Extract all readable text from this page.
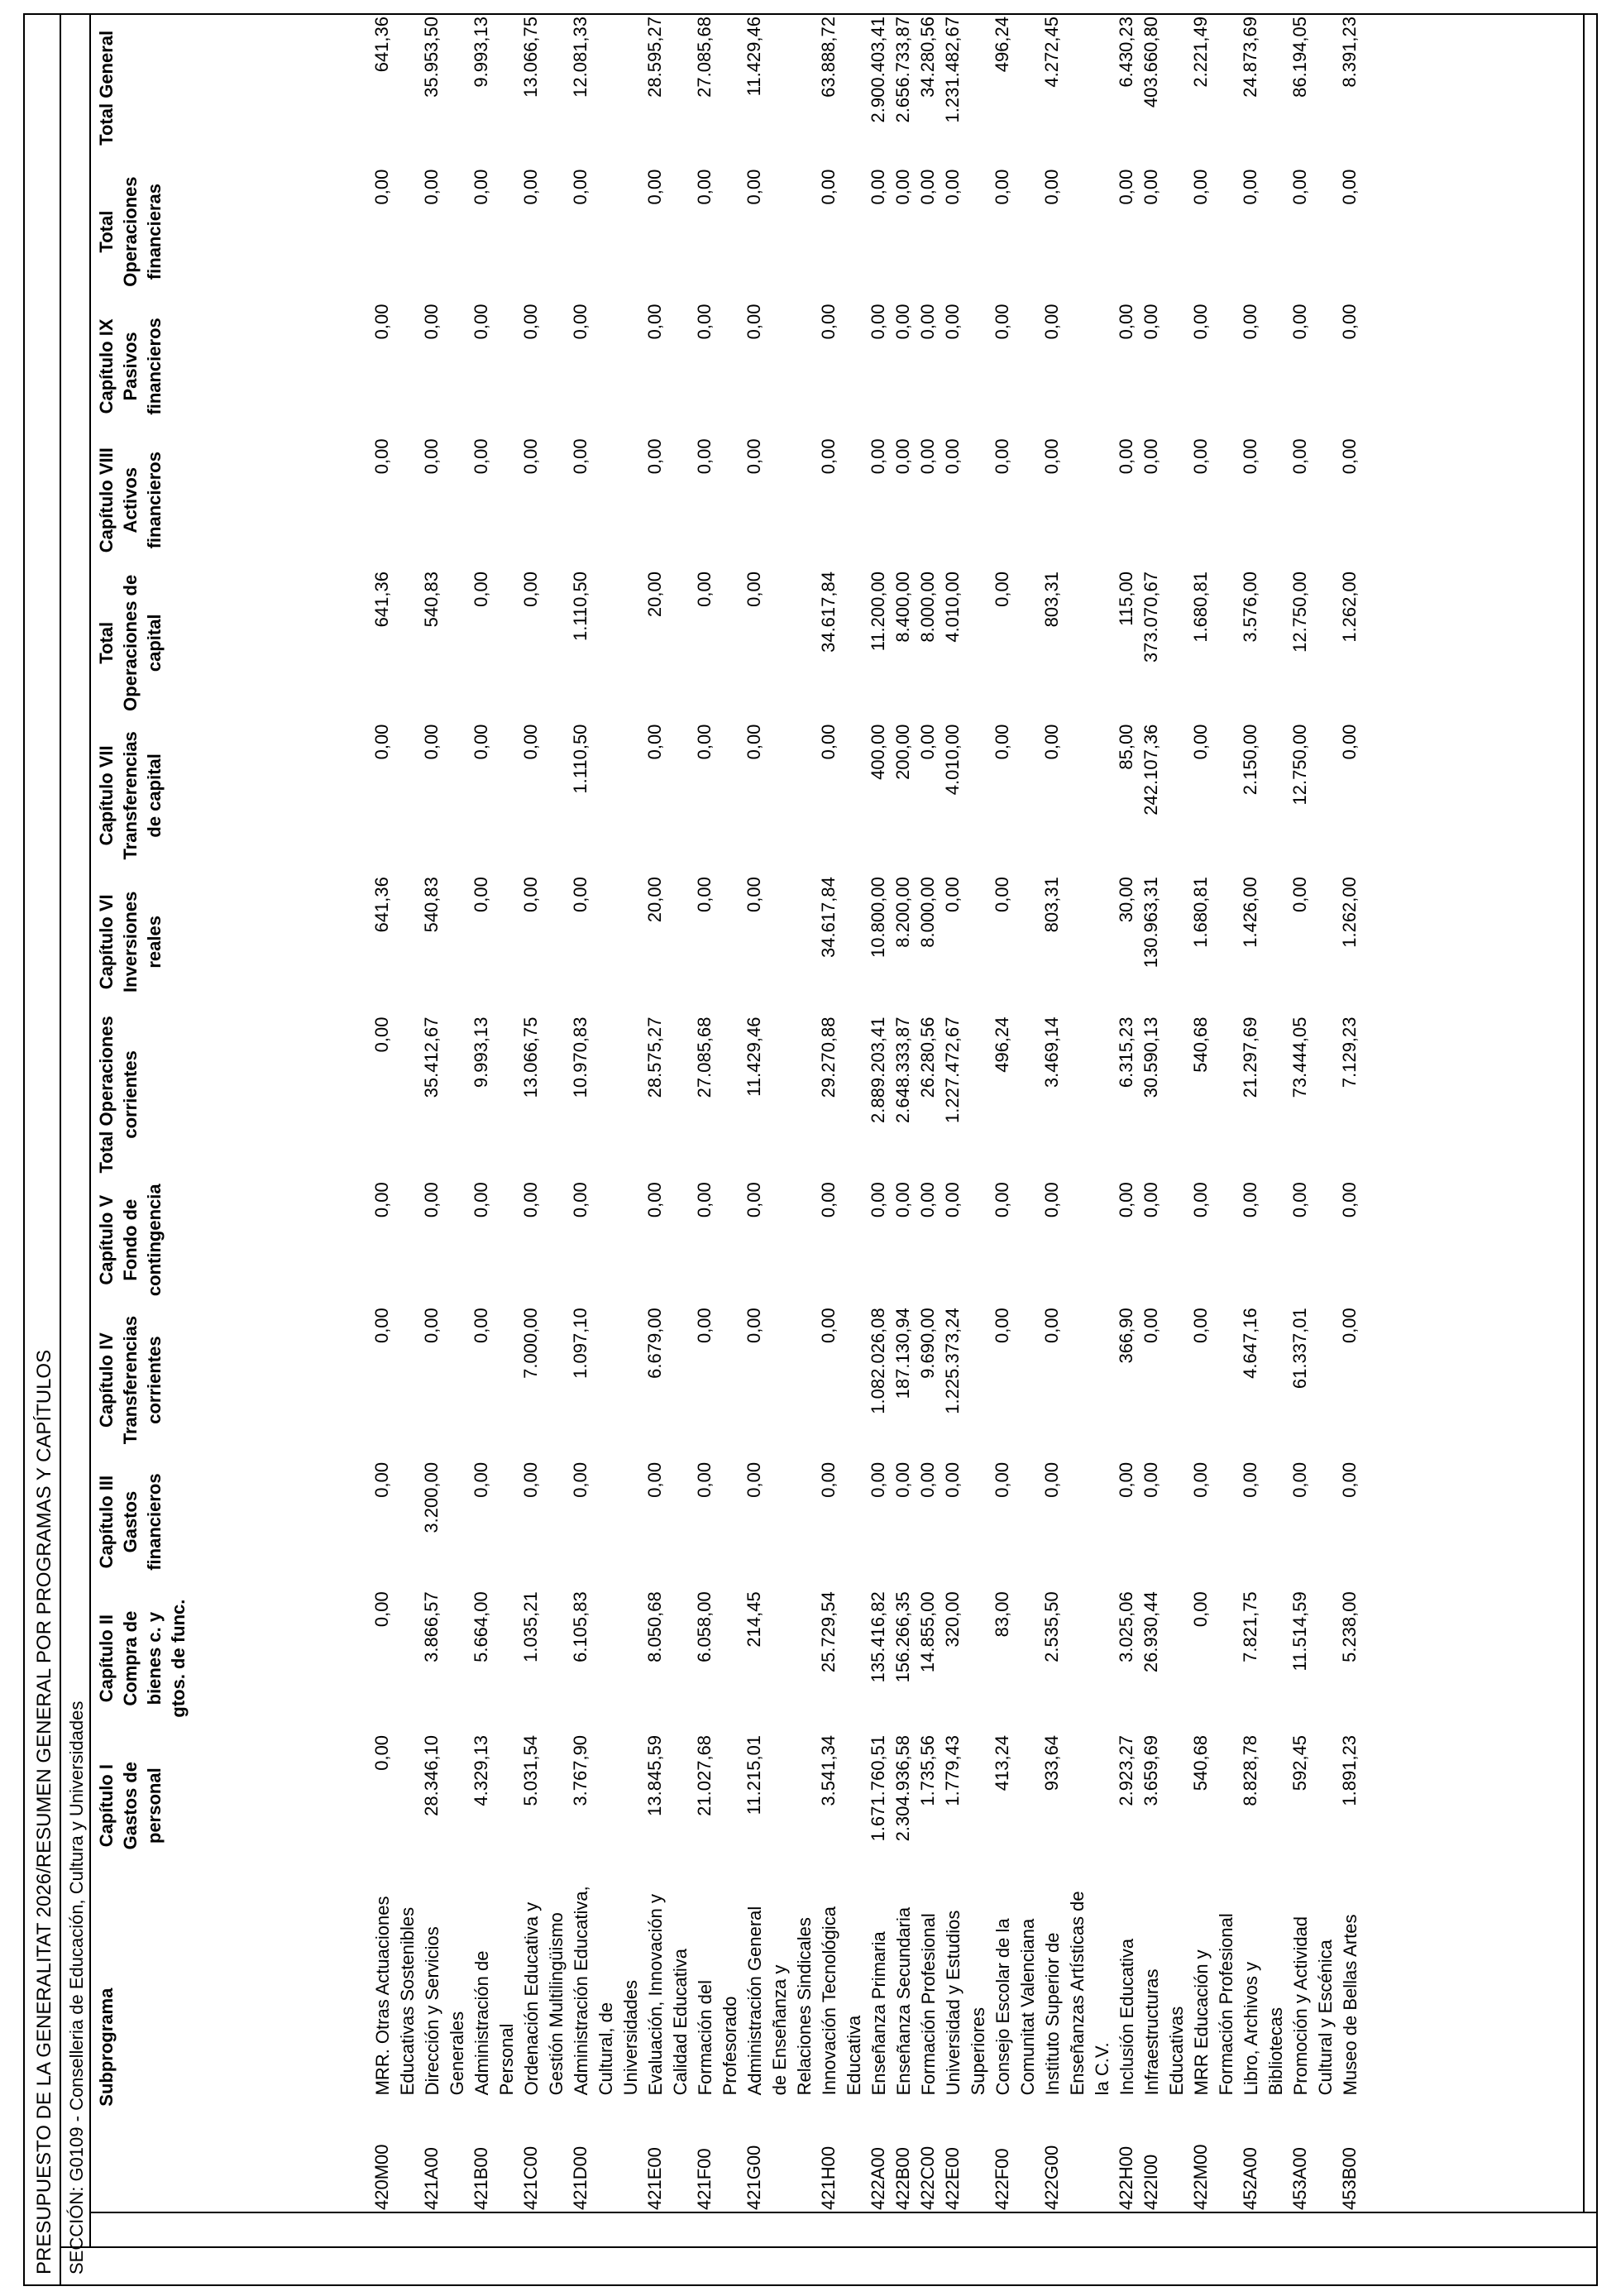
PRESUPUESTO DE LA GENERALITAT 2026/RESUMEN GENERAL POR PROGRAMAS Y CAPÍTULOS SECCIÓN: G0109 - Conselleria de Educación, Cultura y Universidades Subprograma		Capítulo I Gastos de personal	Capítulo II Compra de bienes c. y gtos. de func.	Capítulo III Gastos financieros	Capítulo IV Transferencias corrientes	Capítulo V Fondo de contingencia	Total Operaciones corrientes	Capítulo VI Inversiones reales	Capítulo VII Transferencias de capital	Total Operaciones de capital	Capítulo VIII Activos financieros	Capítulo IX Pasivos financieros	Total Operaciones financieras	Total General
420M00	MRR. Otras Actuaciones Educativas Sostenibles	0,00	0,00	0,00	0,00	0,00	0,00	641,36	0,00	641,36	0,00	0,00	0,00	641,36
421A00	Dirección y Servicios Generales	28.346,10	3.866,57	3.200,00	0,00	0,00	35.412,67	540,83	0,00	540,83	0,00	0,00	0,00	35.953,50
421B00	Administración de Personal	4.329,13	5.664,00	0,00	0,00	0,00	9.993,13	0,00	0,00	0,00	0,00	0,00	0,00	9.993,13
421C00	Ordenación Educativa y Gestión Multilingüismo	5.031,54	1.035,21	0,00	7.000,00	0,00	13.066,75	0,00	0,00	0,00	0,00	0,00	0,00	13.066,75
421D00	Administración Educativa, Cultural, de Universidades	3.767,90	6.105,83	0,00	1.097,10	0,00	10.970,83	0,00	1.110,50	1.110,50	0,00	0,00	0,00	12.081,33
421E00	Evaluación, Innovación y Calidad Educativa	13.845,59	8.050,68	0,00	6.679,00	0,00	28.575,27	20,00	0,00	20,00	0,00	0,00	0,00	28.595,27
421F00	Formación del Profesorado	21.027,68	6.058,00	0,00	0,00	0,00	27.085,68	0,00	0,00	0,00	0,00	0,00	0,00	27.085,68
421G00	Administración General de Enseñanza y Relaciones Sindicales	11.215,01	214,45	0,00	0,00	0,00	11.429,46	0,00	0,00	0,00	0,00	0,00	0,00	11.429,46
421H00	Innovación Tecnológica Educativa	3.541,34	25.729,54	0,00	0,00	0,00	29.270,88	34.617,84	0,00	34.617,84	0,00	0,00	0,00	63.888,72
422A00	Enseñanza Primaria	1.671.760,51	135.416,82	0,00	1.082.026,08	0,00	2.889.203,41	10.800,00	400,00	11.200,00	0,00	0,00	0,00	2.900.403,41
422B00	Enseñanza Secundaria	2.304.936,58	156.266,35	0,00	187.130,94	0,00	2.648.333,87	8.200,00	200,00	8.400,00	0,00	0,00	0,00	2.656.733,87
422C00	Formación Profesional	1.735,56	14.855,00	0,00	9.690,00	0,00	26.280,56	8.000,00	0,00	8.000,00	0,00	0,00	0,00	34.280,56
422E00	Universidad y Estudios Superiores	1.779,43	320,00	0,00	1.225.373,24	0,00	1.227.472,67	0,00	4.010,00	4.010,00	0,00	0,00	0,00	1.231.482,67
422F00	Consejo Escolar de la Comunitat Valenciana	413,24	83,00	0,00	0,00	0,00	496,24	0,00	0,00	0,00	0,00	0,00	0,00	496,24
422G00	Instituto Superior de Enseñanzas Artísticas de la C.V.	933,64	2.535,50	0,00	0,00	0,00	3.469,14	803,31	0,00	803,31	0,00	0,00	0,00	4.272,45
422H00	Inclusión Educativa	2.923,27	3.025,06	0,00	366,90	0,00	6.315,23	30,00	85,00	115,00	0,00	0,00	0,00	6.430,23
422I00	Infraestructuras Educativas	3.659,69	26.930,44	0,00	0,00	0,00	30.590,13	130.963,31	242.107,36	373.070,67	0,00	0,00	0,00	403.660,80
422M00	MRR Educación y Formación Profesional	540,68	0,00	0,00	0,00	0,00	540,68	1.680,81	0,00	1.680,81	0,00	0,00	0,00	2.221,49
452A00	Libro, Archivos y Bibliotecas	8.828,78	7.821,75	0,00	4.647,16	0,00	21.297,69	1.426,00	2.150,00	3.576,00	0,00	0,00	0,00	24.873,69
453A00	Promoción y Actividad Cultural y Escénica	592,45	11.514,59	0,00	61.337,01	0,00	73.444,05	0,00	12.750,00	12.750,00	0,00	0,00	0,00	86.194,05
453B00	Museo de Bellas Artes	1.891,23	5.238,00	0,00	0,00	0,00	7.129,23	1.262,00	0,00	1.262,00	0,00	0,00	0,00	8.391,23
